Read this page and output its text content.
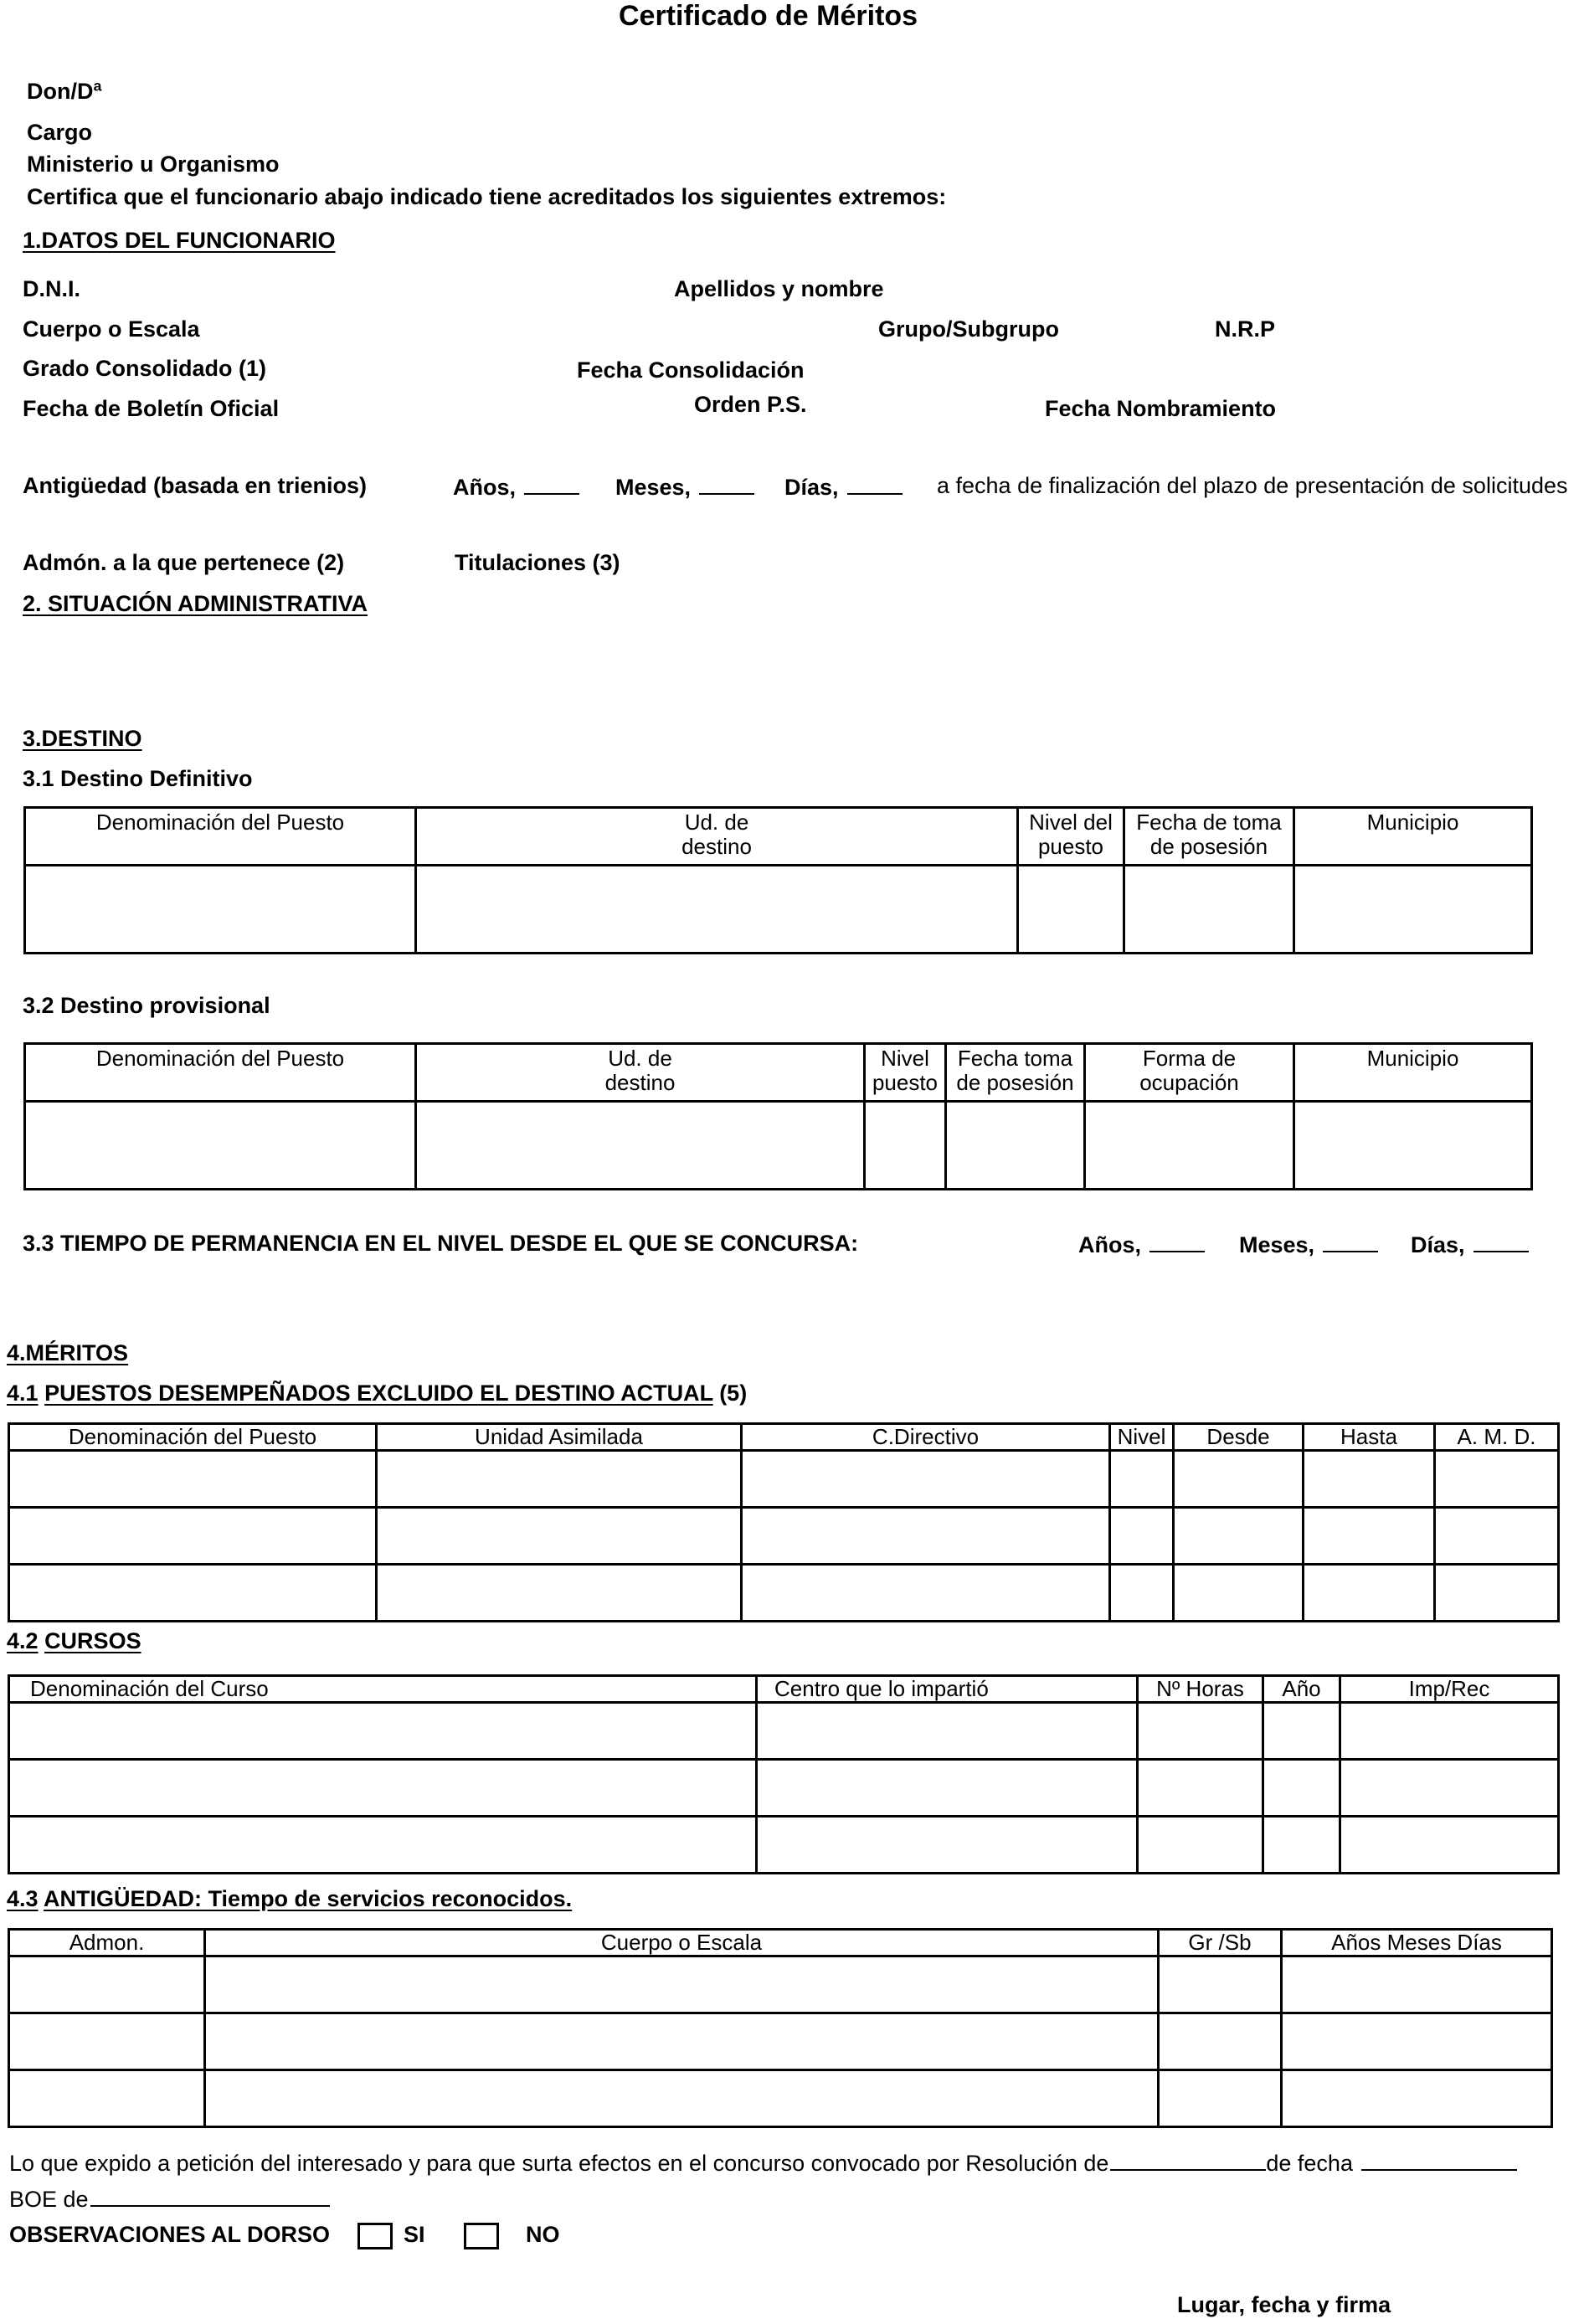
Certificado de Méritos
Don/Dª
Cargo
Ministerio u Organismo
Certifica que el funcionario abajo indicado tiene acreditados los siguientes extremos:
1.DATOS DEL FUNCIONARIO
D.N.I.	Apellidos y nombre
Cuerpo o Escala	Grupo/Subgrupo	N.R.P
Grado Consolidado (1)	Fecha Consolidación
Fecha de Boletín Oficial	Orden P.S.	Fecha Nombramiento
Antigüedad (basada en trienios)	Años,	Meses,	Días,	a fecha de finalización del plazo de presentación de solicitudes
Admón. a la que pertenece (2)	Titulaciones (3)
2. SITUACIÓN ADMINISTRATIVA
3.DESTINO
3.1 Destino Definitivo
Denominación del Puesto	Ud. de destino	Nivel del puesto	Fecha de toma de posesión	Municipio

3.2 Destino provisional
Denominación del Puesto	Ud. de destino	Nivel puesto	Fecha toma de posesión	Forma de ocupación	Municipio

3.3 TIEMPO DE PERMANENCIA EN EL NIVEL DESDE EL QUE SE CONCURSA:	Años,	Meses,	Días,
4.MÉRITOS
4.1 PUESTOS DESEMPEÑADOS EXCLUIDO EL DESTINO ACTUAL (5)
Denominación del Puesto	Unidad Asimilada	C.Directivo	Nivel	Desde	Hasta	A. M. D.

4.2 CURSOS
Denominación del Curso	Centro que lo impartió	Nº Horas	Año	Imp/Rec

4.3 ANTIGÜEDAD: Tiempo de servicios reconocidos.
Admon.	Cuerpo o Escala	Gr /Sb	Años Meses Días

Lo que expido a petición del interesado y para que surta efectos en el concurso convocado por Resolución de	de fecha
BOE de
OBSERVACIONES AL DORSO	SI	NO
Lugar, fecha y firma
